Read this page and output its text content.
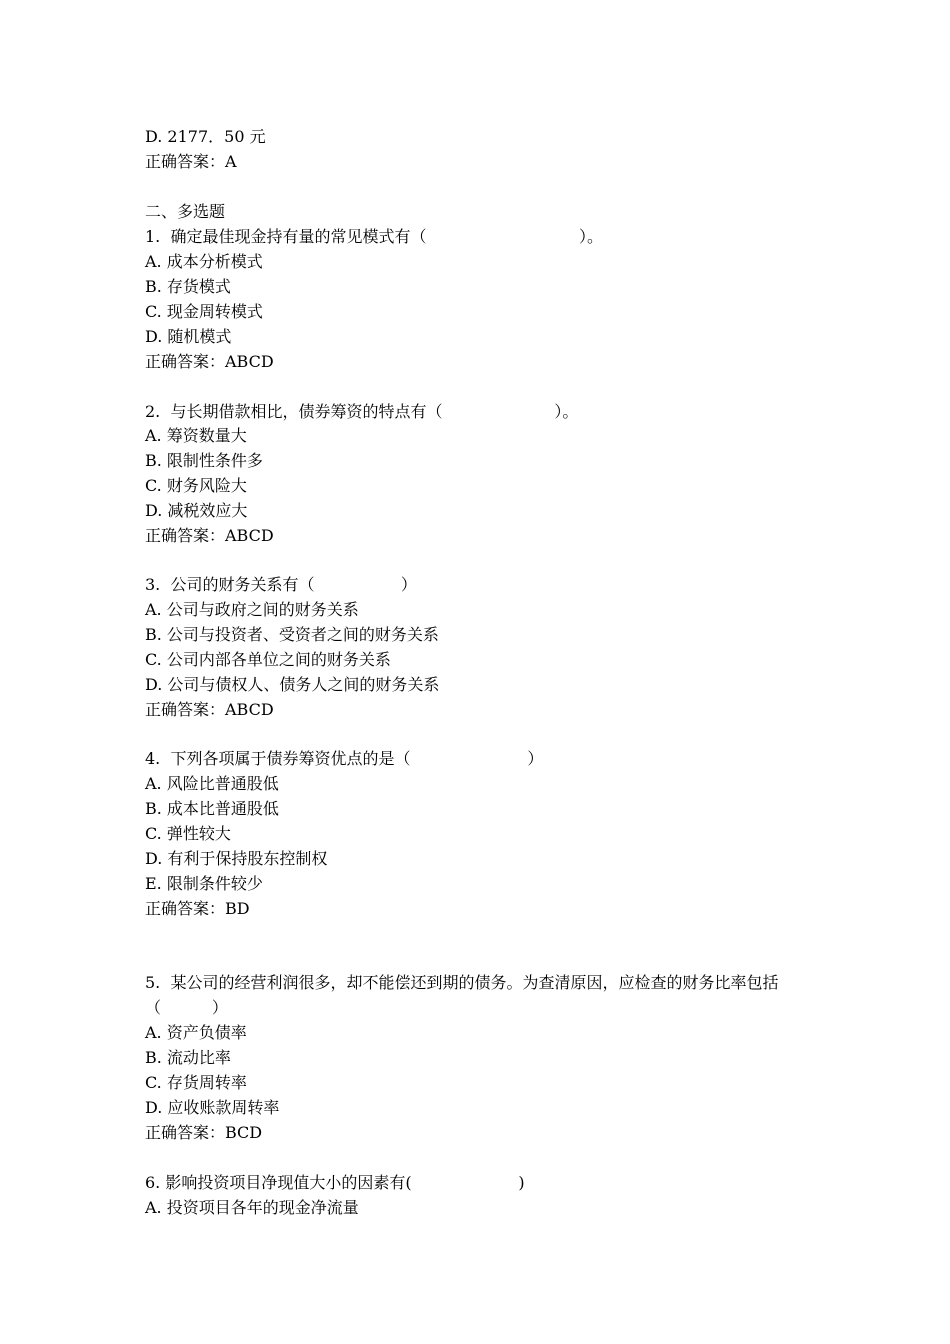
D. 2177．50 元
正确答案：A
二、多选题
1.  确定最佳现金持有量的常见模式有（                              ）。
A. 成本分析模式
B. 存货模式
C. 现金周转模式
D. 随机模式
正确答案：ABCD
2.  与长期借款相比，债券筹资的特点有（                      ）。
A. 筹资数量大
B. 限制性条件多
C. 财务风险大
D. 减税效应大
正确答案：ABCD
3.  公司的财务关系有（                 ）
A. 公司与政府之间的财务关系
B. 公司与投资者、受资者之间的财务关系
C. 公司内部各单位之间的财务关系
D. 公司与债权人、债务人之间的财务关系
正确答案：ABCD
4.  下列各项属于债券筹资优点的是（                       ）
A. 风险比普通股低
B. 成本比普通股低
C. 弹性较大
D. 有利于保持股东控制权
E. 限制条件较少
正确答案：BD
5.  某公司的经营利润很多，却不能偿还到期的债务。为查清原因，应检查的财务比率包括
（          ）
A. 资产负债率
B. 流动比率
C. 存货周转率
D. 应收账款周转率
正确答案：BCD
6. 影响投资项目净现值大小的因素有(                     )
A. 投资项目各年的现金净流量
